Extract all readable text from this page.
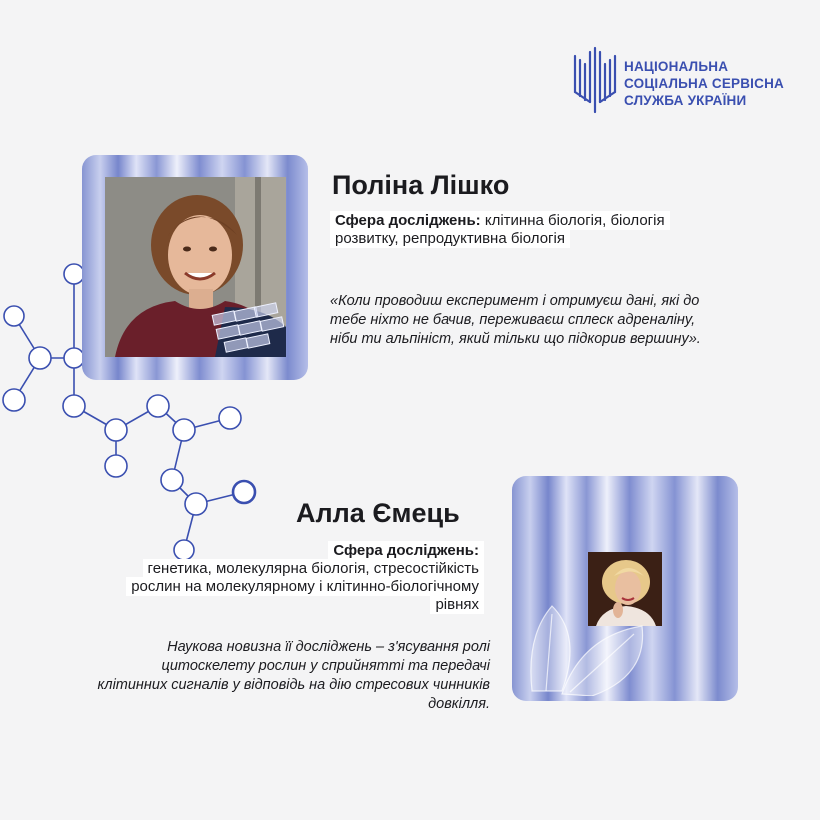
НАЦІОНАЛЬНА
СОЦІАЛЬНА СЕРВІСНА
СЛУЖБА УКРАЇНИ
Поліна Лішко
Сфера досліджень: клітинна біологія, біологія розвитку, репродуктивна біологія
«Коли проводиш експеримент і отримуєш дані, які до тебе ніхто не бачив, переживаєш сплеск адреналіну, ніби ти альпініст, який тільки що підкорив вершину».
Алла Ємець
Сфера досліджень:
генетика, молекулярна біологія, стресостійкість рослин на молекулярному і клітинно-біологічному рівнях
Наукова новизна її досліджень – з'ясування ролі цитоскелету рослин у сприйнятті та передачі клітинних сигналів у відповідь на дію стресових чинників довкілля.
